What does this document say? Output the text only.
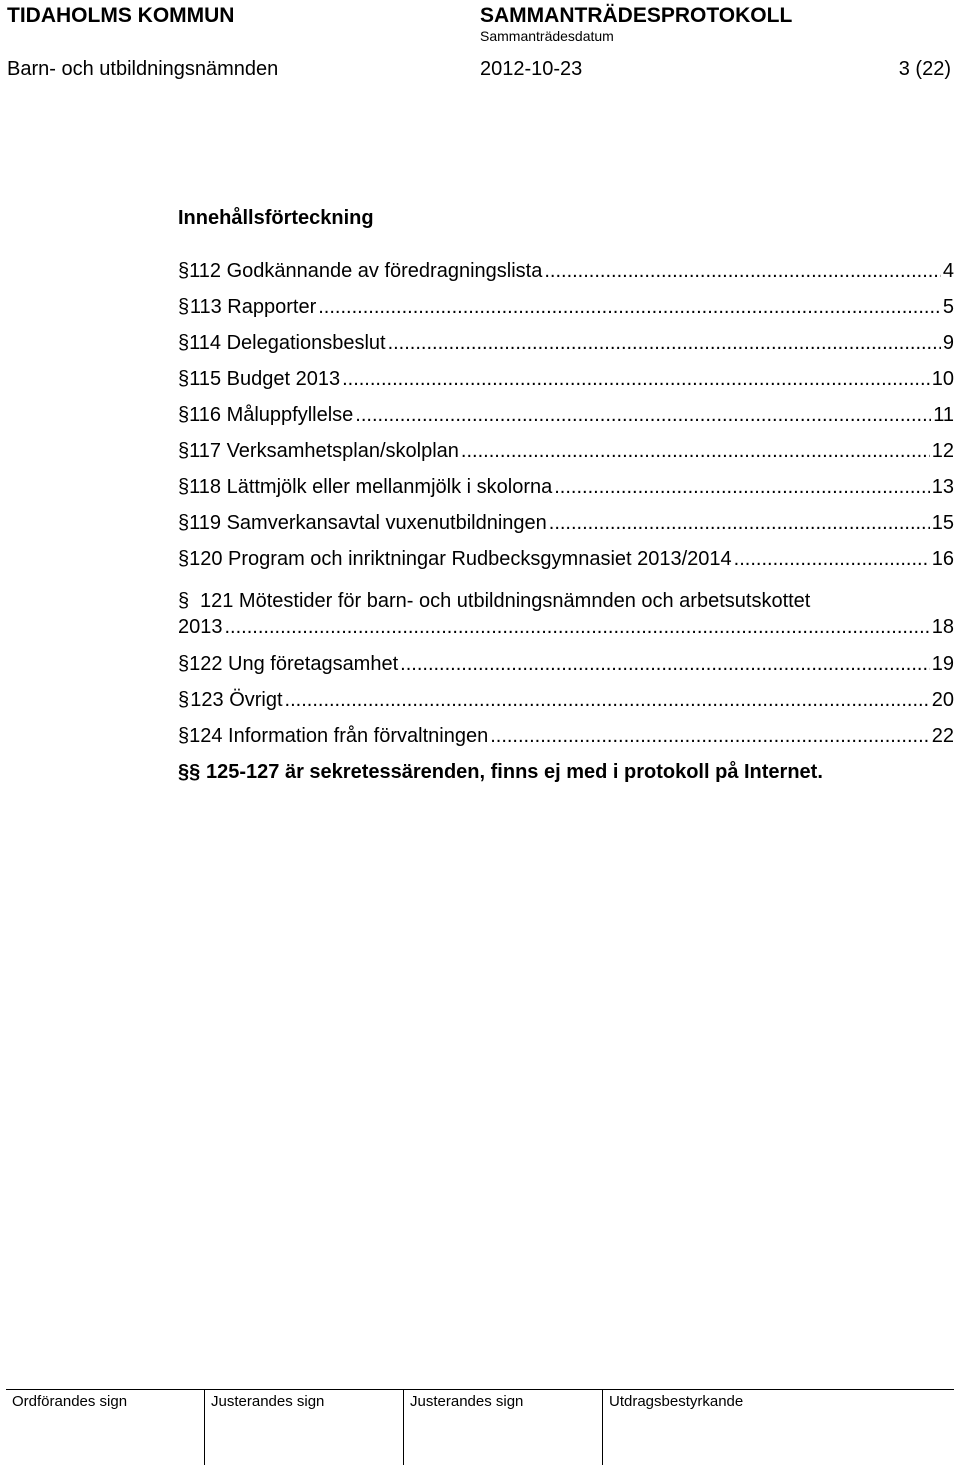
TIDAHOLMS KOMMUN	SAMMANTRÄDESPROTOKOLL
Sammanträdesdatum
Barn- och utbildningsnämnden	2012-10-23	3 (22)
Innehållsförteckning
§ 112 Godkännande av föredragningslista .....	4
§ 113 Rapporter .....	5
§ 114 Delegationsbeslut .....	9
§ 115 Budget 2013 .....	10
§ 116 Måluppfyllelse .....	11
§ 117 Verksamhetsplan/skolplan .....	12
§ 118 Lättmjölk eller mellanmjölk i skolorna .....	13
§ 119 Samverkansavtal vuxenutbildningen .....	15
§ 120 Program och inriktningar Rudbecksgymnasiet 2013/2014 .....	16
§ 121 Mötestider för barn- och utbildningsnämnden och arbetsutskottet
2013 .....	18
§ 122 Ung företagsamhet .....	19
§ 123 Övrigt .....	20
§ 124 Information från förvaltningen .....	22
§§ 125-127 är sekretessärenden, finns ej med i protokoll på Internet.
Ordförandes sign	Justerandes sign	Justerandes sign	Utdragsbestyrkande
